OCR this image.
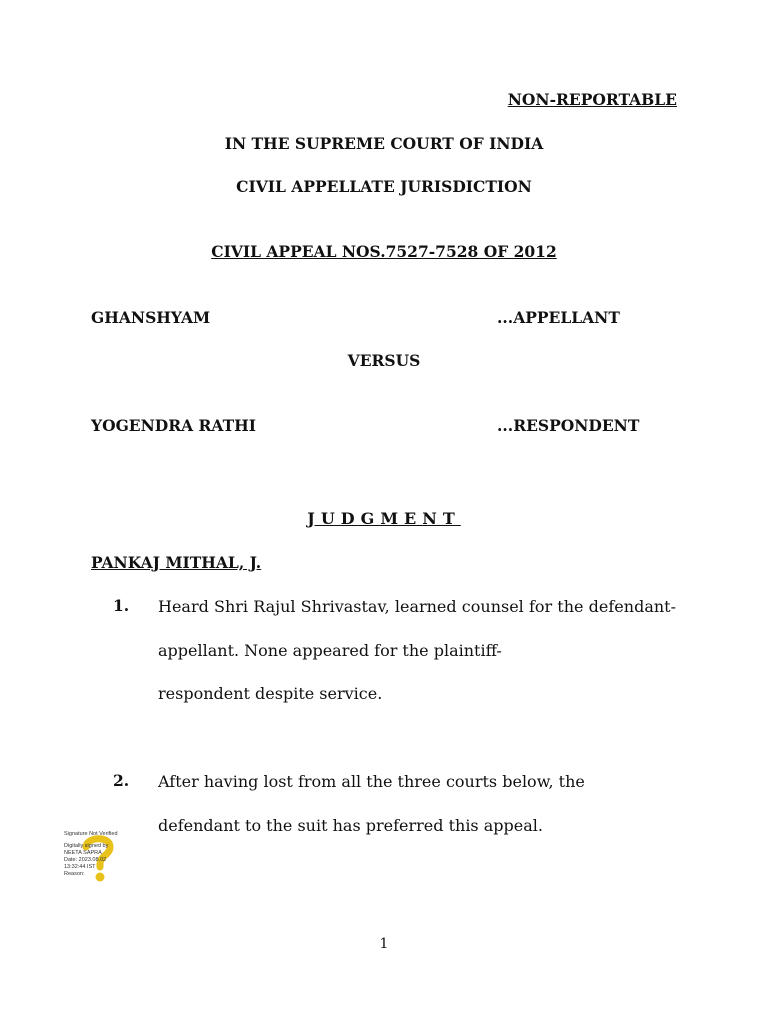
NON-REPORTABLE

IN THE SUPREME COURT OF INDIA

CIVIL APPELLATE JURISDICTION

CIVIL APPEAL NOS.7527-7528 OF 2012

GHANSHYAM	...APPELLANT

VERSUS

YOGENDRA RATHI	...RESPONDENT

JUDGMENT

PANKAJ MITHAL, J.

1. Heard Shri Rajul Shrivastav, learned counsel for the defendant-appellant. None appeared for the plaintiff-
respondent despite service.
2. After having lost from all the three courts below, the
defendant to the suit has preferred this appeal.
Signature Not Verified
Digitally signed by
NEETA SAPRA
Date: 2023.08.02
13:32:44 IST
Reason:

1
